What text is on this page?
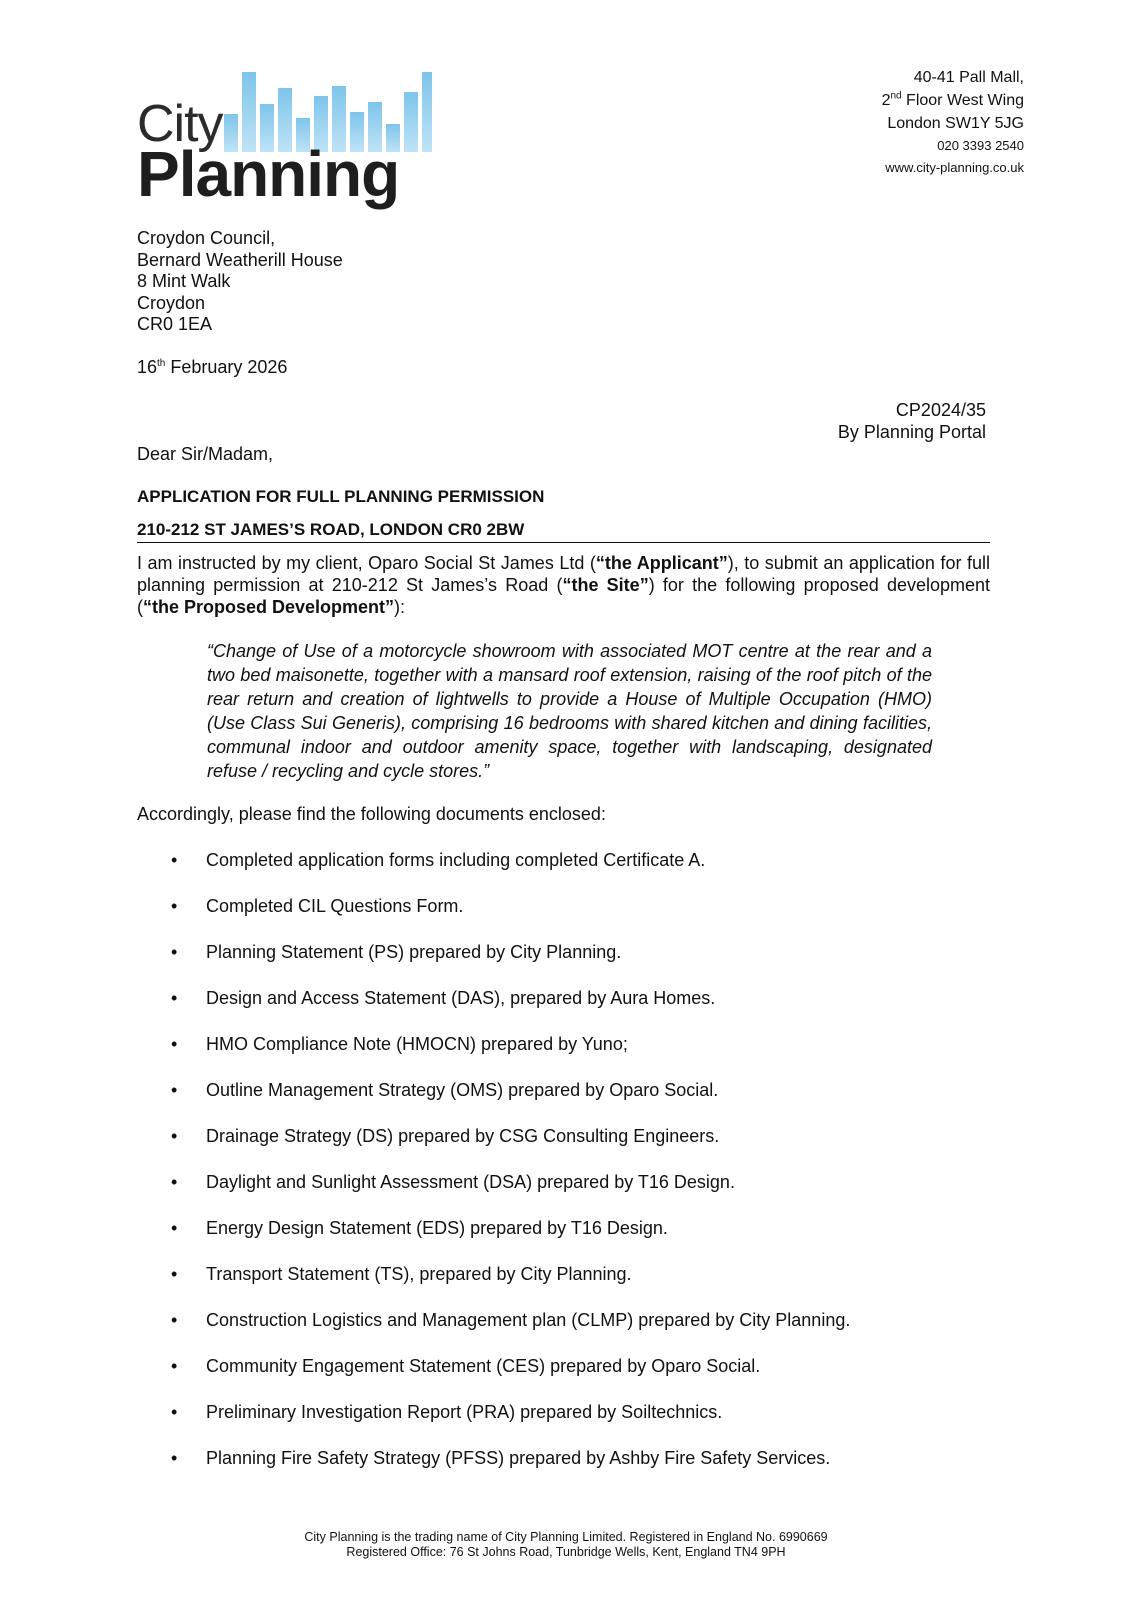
City
Planning
40-41 Pall Mall,
2nd Floor West Wing
London SW1Y 5JG
020 3393 2540
www.city-planning.co.uk
Croydon Council,
Bernard Weatherill House
8 Mint Walk
Croydon
CR0 1EA
16th February 2026
CP2024/35
By Planning Portal
Dear Sir/Madam,
APPLICATION FOR FULL PLANNING PERMISSION
210-212 ST JAMES’S ROAD, LONDON CR0 2BW
I am instructed by my client, Oparo Social St James Ltd (“the Applicant”), to submit an application for full planning permission at 210-212 St James’s Road (“the Site”) for the following proposed development (“the Proposed Development”):
“Change of Use of a motorcycle showroom with associated MOT centre at the rear and a two bed maisonette, together with a mansard roof extension, raising of the roof pitch of the rear return and creation of lightwells to provide a House of Multiple Occupation (HMO) (Use Class Sui Generis), comprising 16 bedrooms with shared kitchen and dining facilities, communal indoor and outdoor amenity space, together with landscaping, designated refuse / recycling and cycle stores.”
Accordingly, please find the following documents enclosed:
• Completed application forms including completed Certificate A.
• Completed CIL Questions Form.
• Planning Statement (PS) prepared by City Planning.
• Design and Access Statement (DAS), prepared by Aura Homes.
• HMO Compliance Note (HMOCN) prepared by Yuno;
• Outline Management Strategy (OMS) prepared by Oparo Social.
• Drainage Strategy (DS) prepared by CSG Consulting Engineers.
• Daylight and Sunlight Assessment (DSA) prepared by T16 Design.
• Energy Design Statement (EDS) prepared by T16 Design.
• Transport Statement (TS), prepared by City Planning.
• Construction Logistics and Management plan (CLMP) prepared by City Planning.
• Community Engagement Statement (CES) prepared by Oparo Social.
• Preliminary Investigation Report (PRA) prepared by Soiltechnics.
• Planning Fire Safety Strategy (PFSS) prepared by Ashby Fire Safety Services.
City Planning is the trading name of City Planning Limited. Registered in England No. 6990669
Registered Office: 76 St Johns Road, Tunbridge Wells, Kent, England TN4 9PH
